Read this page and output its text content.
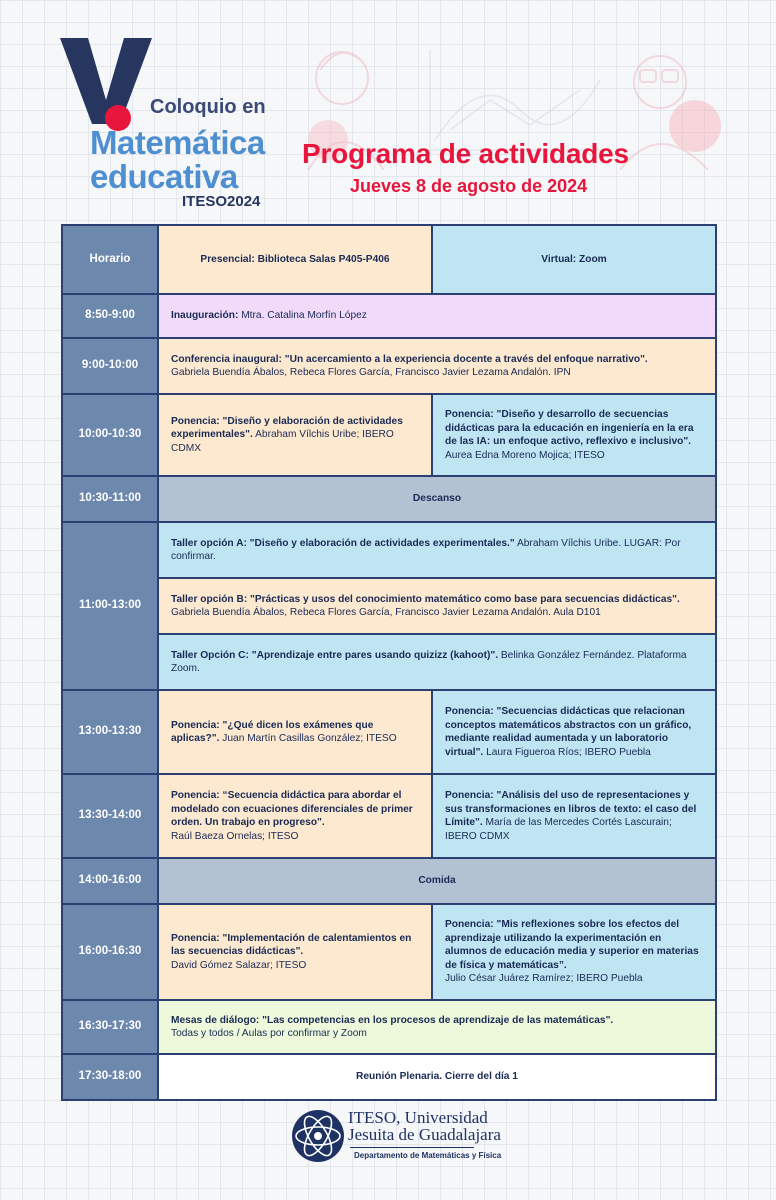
Coloquio en
Matemática
educativa
ITESO2024
Programa de actividades
Jueves 8 de agosto de 2024
Horario	Presencial: Biblioteca Salas P405-P406	Virtual: Zoom
8:50-9:00	Inauguración: Mtra. Catalina Morfín López	
9:00-10:00	Conferencia inaugural: "Un acercamiento a la experiencia docente a través del enfoque narrativo".
Gabriela Buendía Ábalos, Rebeca Flores García, Francisco Javier Lezama Andalón. IPN	
10:00-10:30	Ponencia: "Diseño y elaboración de actividades experimentales". Abraham Vílchis Uribe; IBERO CDMX	Ponencia: "Diseño y desarrollo de secuencias didácticas para la educación en ingeniería en la era de las IA: un enfoque activo, reflexivo e inclusivo". Aurea Edna Moreno Mojica; ITESO
10:30-11:00	Descanso	
11:00-13:00	Taller opción A: "Diseño y elaboración de actividades experimentales." Abraham Vílchis Uribe. LUGAR: Por confirmar.	
	Taller opción B: "Prácticas y usos del conocimiento matemático como base para secuencias didácticas".
Gabriela Buendía Ábalos, Rebeca Flores García, Francisco Javier Lezama Andalón. Aula D101	
	Taller Opción C: "Aprendizaje entre pares usando quizizz (kahoot)". Belinka González Fernández. Plataforma Zoom.	
13:00-13:30	Ponencia: "¿Qué dicen los exámenes que aplicas?". Juan Martín Casillas González; ITESO	Ponencia: "Secuencias didácticas que relacionan conceptos matemáticos abstractos con un gráfico, mediante realidad aumentada y un laboratorio virtual". Laura Figueroa Ríos; IBERO Puebla
13:30-14:00	Ponencia: “Secuencia didáctica para abordar el modelado con ecuaciones diferenciales de primer orden. Un trabajo en progreso".
Raúl Baeza Ornelas; ITESO	Ponencia: "Análisis del uso de representaciones y sus transformaciones en libros de texto: el caso del Límite". María de las Mercedes Cortés Lascurain; IBERO CDMX
14:00-16:00	Comida	
16:00-16:30	Ponencia: "Implementación de calentamientos en las secuencias didácticas".
David Gómez Salazar; ITESO	Ponencia: "Mis reflexiones sobre los efectos del aprendizaje utilizando la experimentación en alumnos de educación media y superior en materias de física y matemáticas”.
Julio César Juárez Ramírez; IBERO Puebla
16:30-17:30	Mesas de diálogo: "Las competencias en los procesos de aprendizaje de las matemáticas".
Todas y todos / Aulas por confirmar y Zoom	
17:30-18:00	Reunión Plenaria. Cierre del día 1	
ITESO, Universidad
Jesuita de Guadalajara
Departamento de Matemáticas y Física
